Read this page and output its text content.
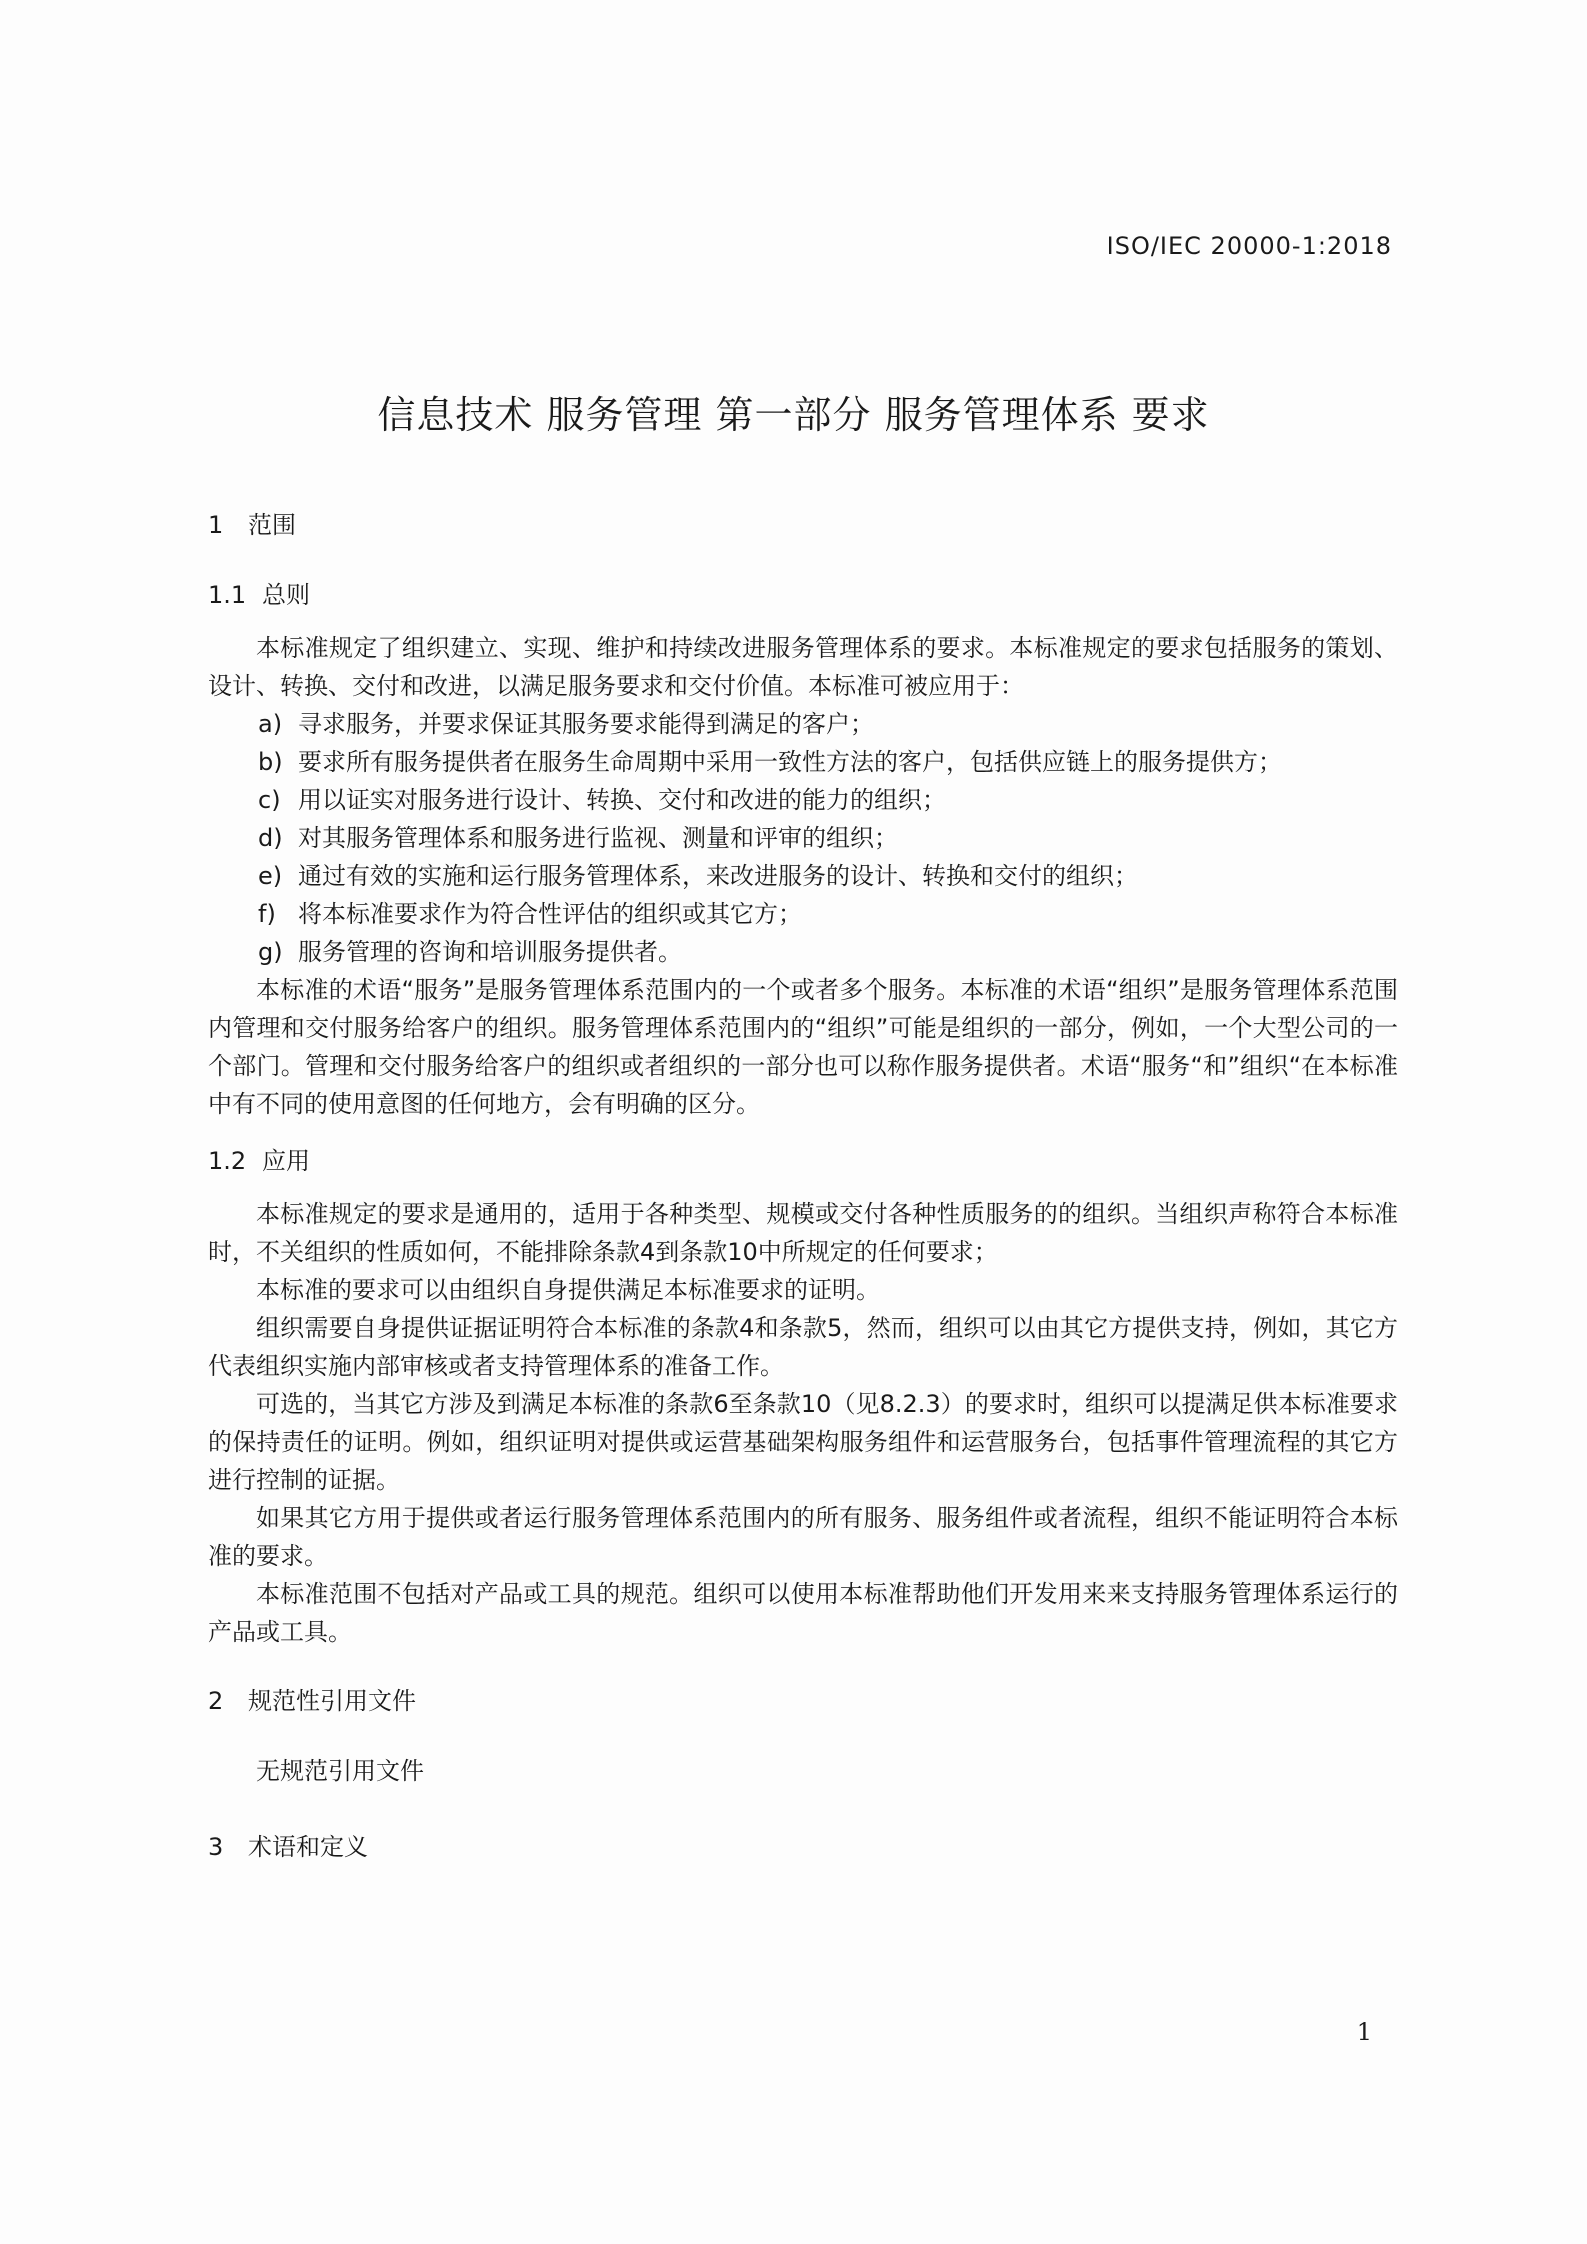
ISO/IEC 20000-1:2018
信息技术 服务管理 第一部分 服务管理体系 要求
1 范围
1.1 总则

本标准规定了组织建立、实现、维护和持续改进服务管理体系的要求。本标准规定的要求包括服务的策划、设计、转换、交付和改进，以满足服务要求和交付价值。本标准可被应用于：

a) 寻求服务，并要求保证其服务要求能得到满足的客户；

b) 要求所有服务提供者在服务生命周期中采用一致性方法的客户，包括供应链上的服务提供方；

c) 用以证实对服务进行设计、转换、交付和改进的能力的组织；

d) 对其服务管理体系和服务进行监视、测量和评审的组织；

e) 通过有效的实施和运行服务管理体系，来改进服务的设计、转换和交付的组织；

f) 将本标准要求作为符合性评估的组织或其它方；

g) 服务管理的咨询和培训服务提供者。

本标准的术语“服务”是服务管理体系范围内的一个或者多个服务。本标准的术语“组织”是服务管理体系范围内管理和交付服务给客户的组织。服务管理体系范围内的“组织”可能是组织的一部分，例如，一个大型公司的一个部门。管理和交付服务给客户的组织或者组织的一部分也可以称作服务提供者。术语“服务“和”组织“在本标准中有不同的使用意图的任何地方，会有明确的区分。

1.2 应用

本标准规定的要求是通用的，适用于各种类型、规模或交付各种性质服务的的组织。当组织声称符合本标准时，不关组织的性质如何，不能排除条款4到条款10中所规定的任何要求；

本标准的要求可以由组织自身提供满足本标准要求的证明。

组织需要自身提供证据证明符合本标准的条款4和条款5，然而，组织可以由其它方提供支持，例如，其它方代表组织实施内部审核或者支持管理体系的准备工作。

可选的，当其它方涉及到满足本标准的条款6至条款10（见8.2.3）的要求时，组织可以提满足供本标准要求的保持责任的证明。例如，组织证明对提供或运营基础架构服务组件和运营服务台，包括事件管理流程的其它方进行控制的证据。

如果其它方用于提供或者运行服务管理体系范围内的所有服务、服务组件或者流程，组织不能证明符合本标准的要求。

本标准范围不包括对产品或工具的规范。组织可以使用本标准帮助他们开发用来来支持服务管理体系运行的产品或工具。

2 规范性引用文件

无规范引用文件

3 术语和定义
1
